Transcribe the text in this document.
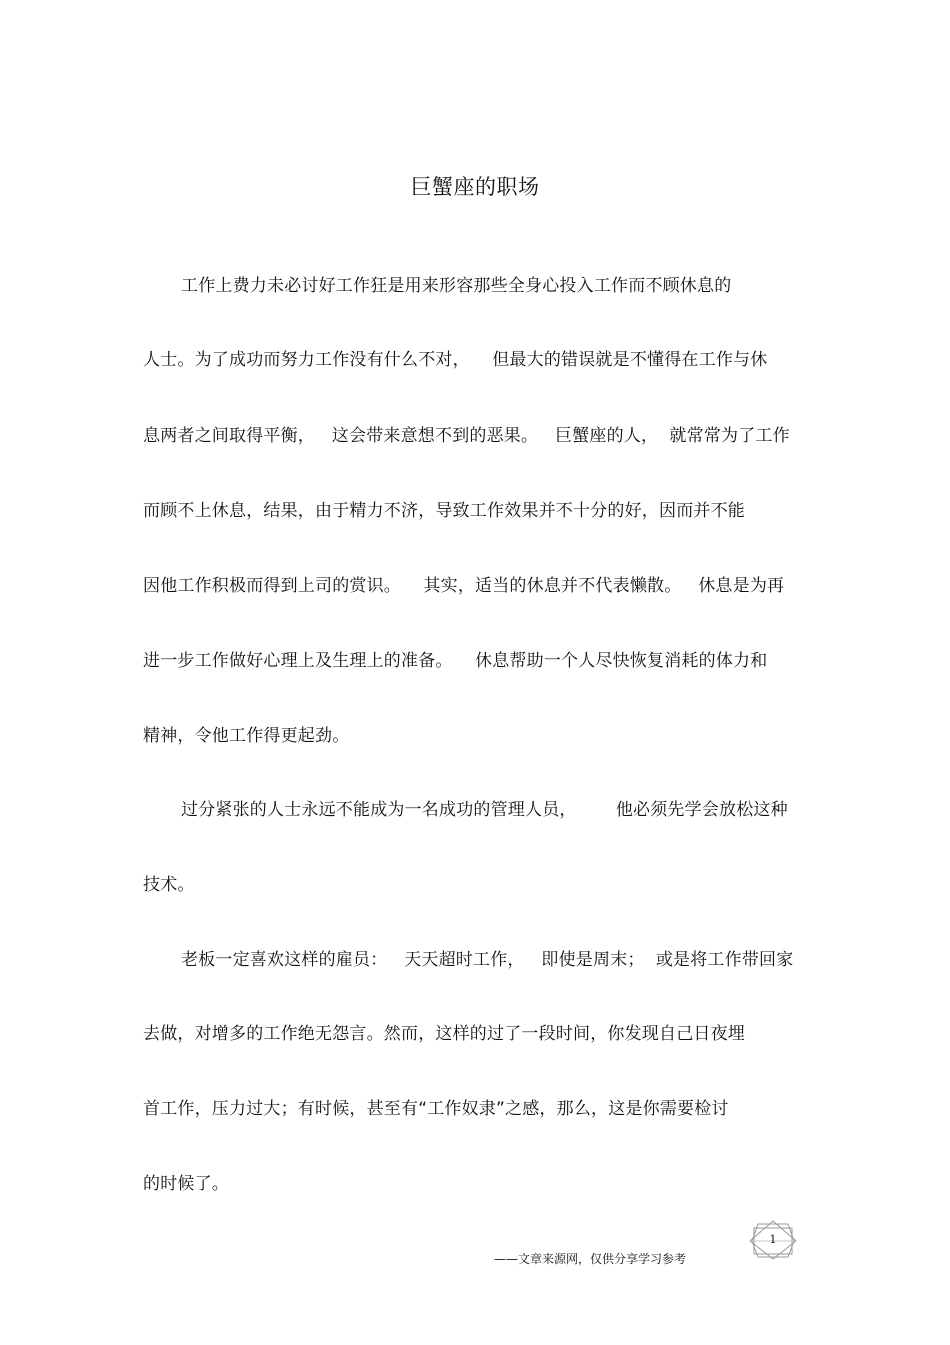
巨蟹座的职场
工作上费力未必讨好工作狂是用来形容那些全身心投入工作而不顾休息的
人士。为了成功而努力工作没有什么不对，    但最大的错误就是不懂得在工作与休
息两者之间取得平衡，   这会带来意想不到的恶果。   巨蟹座的人，  就常常为了工作
而顾不上休息，结果，由于精力不济，导致工作效果并不十分的好，因而并不能
因他工作积极而得到上司的赏识。    其实，适当的休息并不代表懒散。   休息是为再
进一步工作做好心理上及生理上的准备。    休息帮助一个人尽快恢复消耗的体力和
精神，令他工作得更起劲。
过分紧张的人士永远不能成为一名成功的管理人员，       他必须先学会放松这种
技术。
老板一定喜欢这样的雇员：   天天超时工作，   即使是周末；  或是将工作带回家
去做，对增多的工作绝无怨言。然而，这样的过了一段时间，你发现自己日夜埋
首工作，压力过大；有时候，甚至有“工作奴隶”之感，那么，这是你需要检讨
的时候了。
——文章来源网，仅供分享学习参考
1
